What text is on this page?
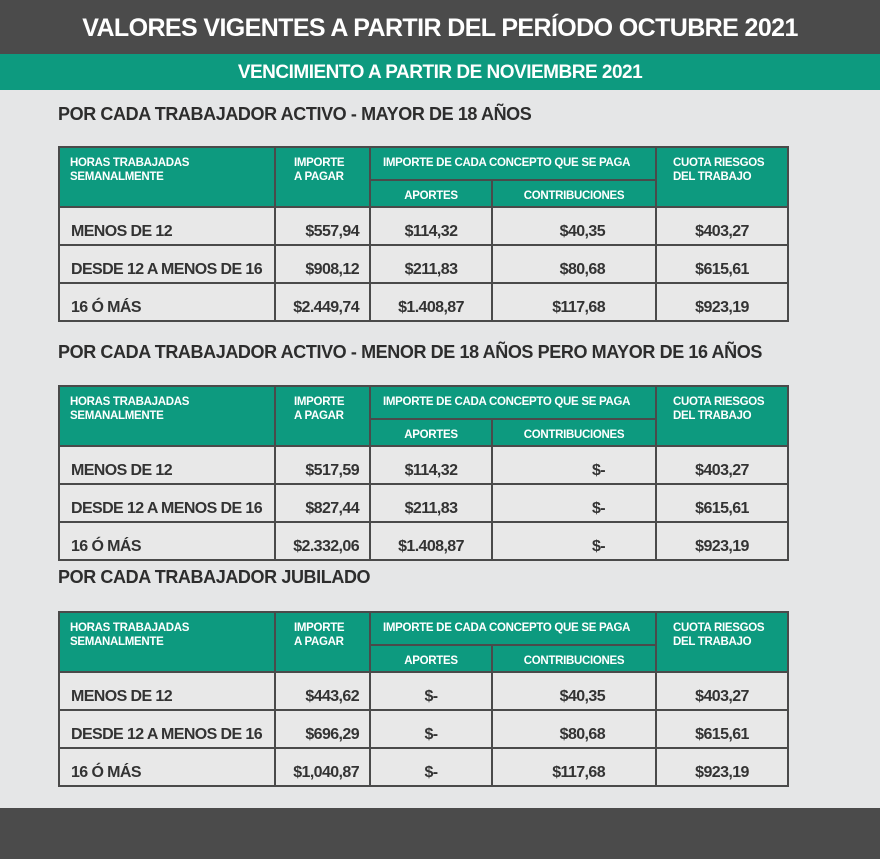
VALORES VIGENTES A PARTIR DEL PERÍODO OCTUBRE 2021
VENCIMIENTO A PARTIR DE NOVIEMBRE 2021
POR CADA TRABAJADOR ACTIVO - MAYOR DE 18 AÑOS
HORAS TRABAJADAS SEMANALMENTE	IMPORTE A PAGAR	IMPORTE DE CADA CONCEPTO QUE SE PAGA		CUOTA RIESGOS DEL TRABAJO

		APORTES	CONTRIBUCIONES	
MENOS DE 12	$557,94	$114,32	$40,35	$403,27
DESDE 12 A MENOS DE 16	$908,12	$211,83	$80,68	$615,61
16 Ó MÁS	$2.449,74	$1.408,87	$117,68	$923,19
POR CADA TRABAJADOR ACTIVO - MENOR DE 18 AÑOS PERO MAYOR DE 16 AÑOS
HORAS TRABAJADAS SEMANALMENTE	IMPORTE A PAGAR	IMPORTE DE CADA CONCEPTO QUE SE PAGA		CUOTA RIESGOS DEL TRABAJO

		APORTES	CONTRIBUCIONES	
MENOS DE 12	$517,59	$114,32	$-	$403,27
DESDE 12 A MENOS DE 16	$827,44	$211,83	$-	$615,61
16 Ó MÁS	$2.332,06	$1.408,87	$-	$923,19
POR CADA TRABAJADOR JUBILADO
HORAS TRABAJADAS SEMANALMENTE	IMPORTE A PAGAR	IMPORTE DE CADA CONCEPTO QUE SE PAGA		CUOTA RIESGOS DEL TRABAJO

		APORTES	CONTRIBUCIONES	
MENOS DE 12	$443,62	$-	$40,35	$403,27
DESDE 12 A MENOS DE 16	$696,29	$-	$80,68	$615,61
16 Ó MÁS	$1,040,87	$-	$117,68	$923,19
